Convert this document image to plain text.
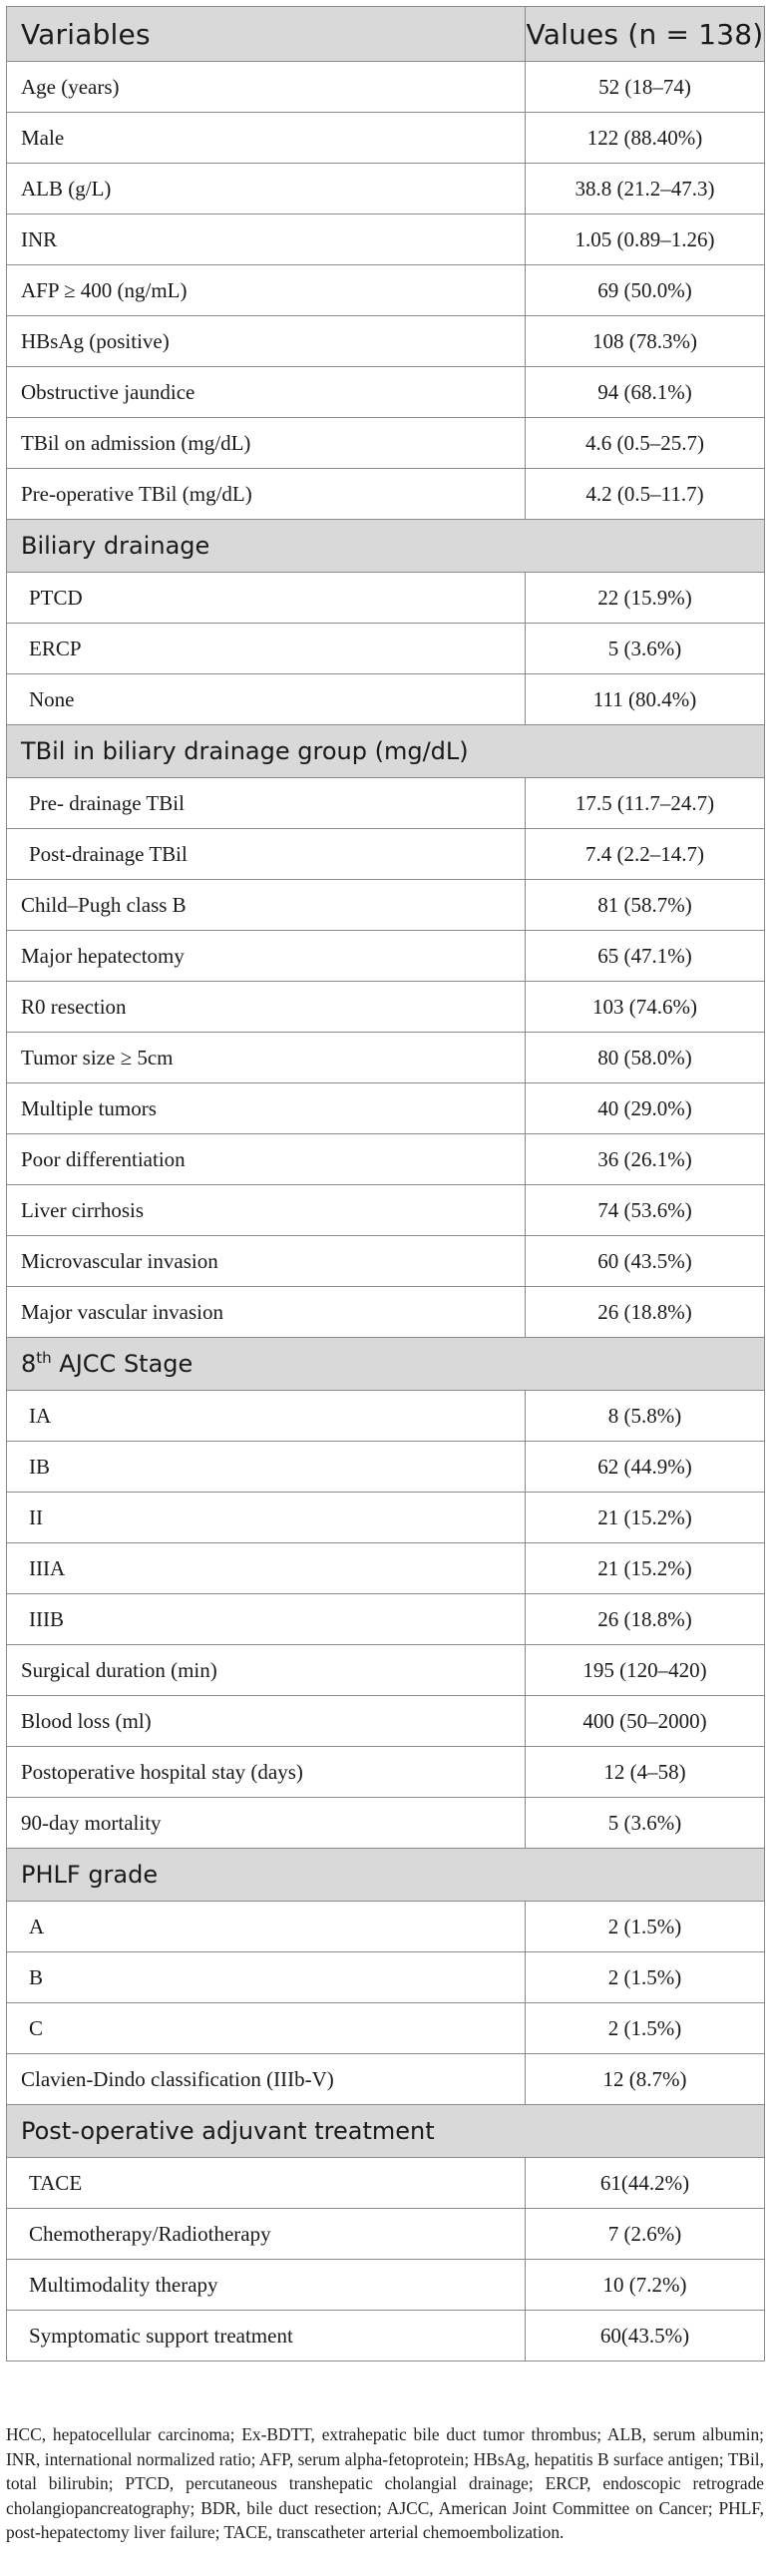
Variables	Values (n = 138)
Age (years)	52 (18–74)
Male	122 (88.40%)
ALB (g/L)	38.8 (21.2–47.3)
INR	1.05 (0.89–1.26)
AFP ≥ 400 (ng/mL)	69 (50.0%)
HBsAg (positive)	108 (78.3%)
Obstructive jaundice	94 (68.1%)
TBil on admission (mg/dL)	4.6 (0.5–25.7)
Pre-operative TBil (mg/dL)	4.2 (0.5–11.7)
Biliary drainage	
PTCD	22 (15.9%)
ERCP	5 (3.6%)
None	111 (80.4%)
TBil in biliary drainage group (mg/dL)	
Pre- drainage TBil	17.5 (11.7–24.7)
Post-drainage TBil	7.4 (2.2–14.7)
Child–Pugh class B	81 (58.7%)
Major hepatectomy	65 (47.1%)
R0 resection	103 (74.6%)
Tumor size ≥ 5cm	80 (58.0%)
Multiple tumors	40 (29.0%)
Poor differentiation	36 (26.1%)
Liver cirrhosis	74 (53.6%)
Microvascular invasion	60 (43.5%)
Major vascular invasion	26 (18.8%)
8th AJCC Stage	
IA	8 (5.8%)
IB	62 (44.9%)
II	21 (15.2%)
IIIA	21 (15.2%)
IIIB	26 (18.8%)
Surgical duration (min)	195 (120–420)
Blood loss (ml)	400 (50–2000)
Postoperative hospital stay (days)	12 (4–58)
90-day mortality	5 (3.6%)
PHLF grade	
A	2 (1.5%)
B	2 (1.5%)
C	2 (1.5%)
Clavien-Dindo classification (IIIb-V)	12 (8.7%)
Post-operative adjuvant treatment	
TACE	61(44.2%)
Chemotherapy/Radiotherapy	7 (2.6%)
Multimodality therapy	10 (7.2%)
Symptomatic support treatment	60(43.5%)
HCC, hepatocellular carcinoma; Ex-BDTT, extrahepatic bile duct tumor thrombus; ALB, serum albumin; INR, international normalized ratio; AFP, serum alpha-fetoprotein; HBsAg, hepatitis B surface antigen; TBil, total bilirubin; PTCD, percutaneous transhepatic cholangial drainage; ERCP, endoscopic retrograde cholangiopancreatography; BDR, bile duct resection; AJCC, American Joint Committee on Cancer; PHLF, post-hepatectomy liver failure; TACE, transcatheter arterial chemoembolization.
